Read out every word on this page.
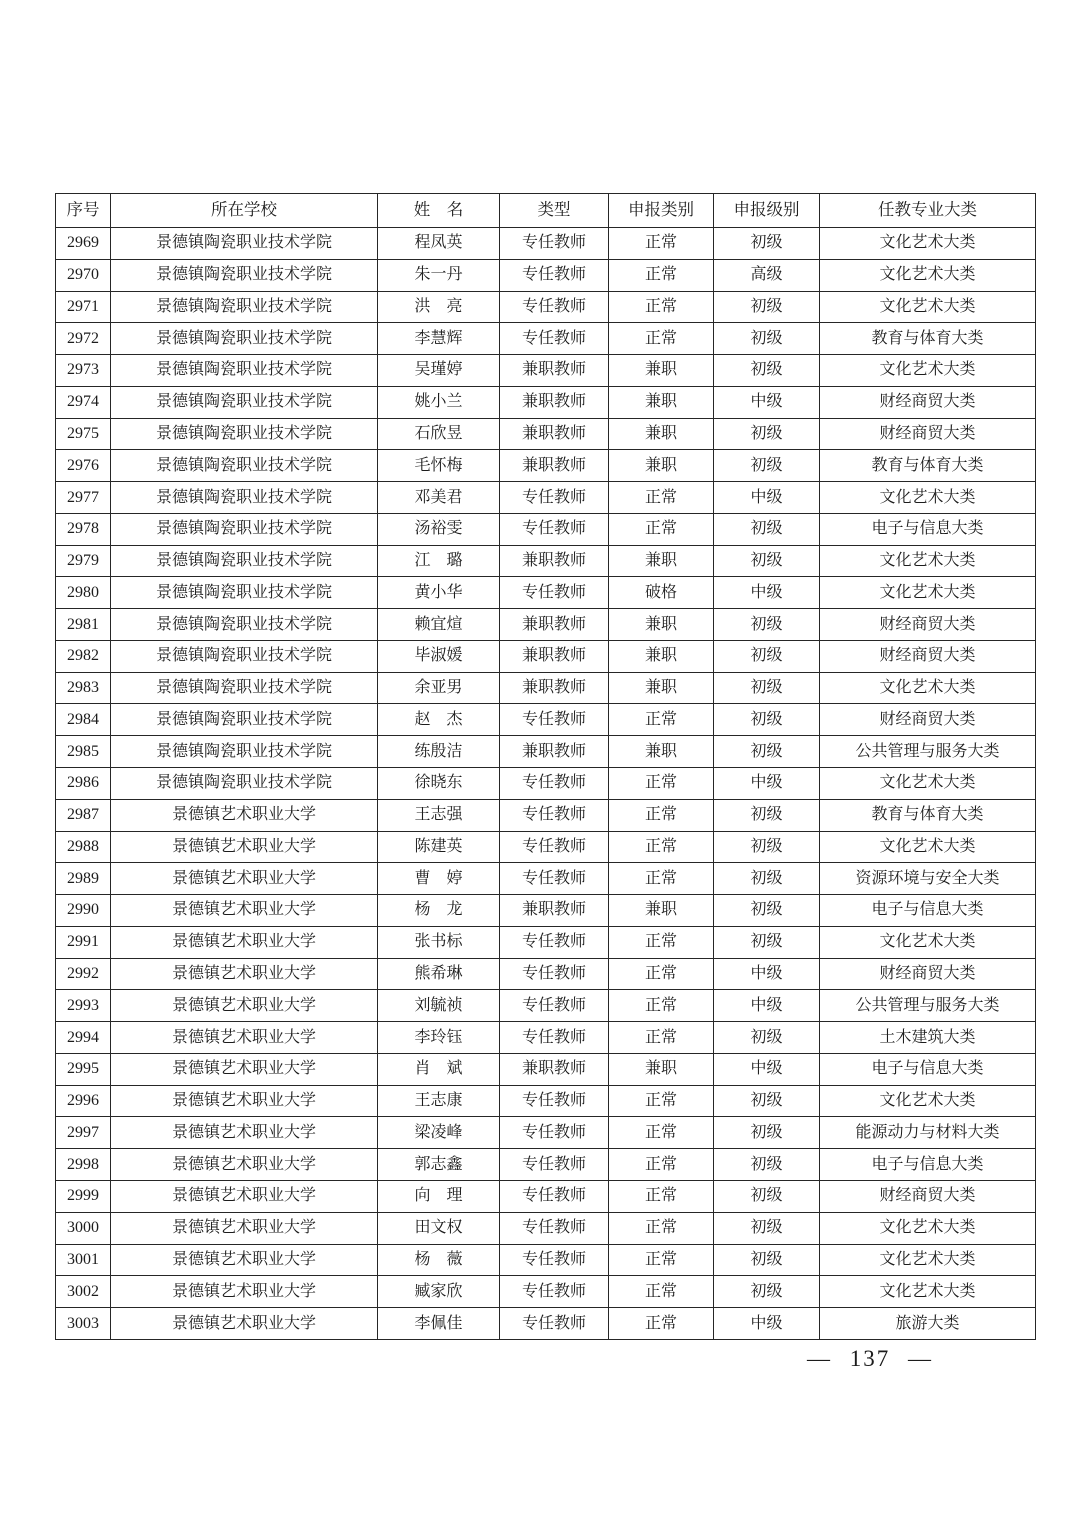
序号	所在学校	姓　名	类型	申报类别	申报级别	任教专业大类
2969	景德镇陶瓷职业技术学院	程凤英	专任教师	正常	初级	文化艺术大类
2970	景德镇陶瓷职业技术学院	朱一丹	专任教师	正常	高级	文化艺术大类
2971	景德镇陶瓷职业技术学院	洪　亮	专任教师	正常	初级	文化艺术大类
2972	景德镇陶瓷职业技术学院	李慧辉	专任教师	正常	初级	教育与体育大类
2973	景德镇陶瓷职业技术学院	吴瑾婷	兼职教师	兼职	初级	文化艺术大类
2974	景德镇陶瓷职业技术学院	姚小兰	兼职教师	兼职	中级	财经商贸大类
2975	景德镇陶瓷职业技术学院	石欣昱	兼职教师	兼职	初级	财经商贸大类
2976	景德镇陶瓷职业技术学院	毛怀梅	兼职教师	兼职	初级	教育与体育大类
2977	景德镇陶瓷职业技术学院	邓美君	专任教师	正常	中级	文化艺术大类
2978	景德镇陶瓷职业技术学院	汤裕雯	专任教师	正常	初级	电子与信息大类
2979	景德镇陶瓷职业技术学院	江　璐	兼职教师	兼职	初级	文化艺术大类
2980	景德镇陶瓷职业技术学院	黄小华	专任教师	破格	中级	文化艺术大类
2981	景德镇陶瓷职业技术学院	赖宜煊	兼职教师	兼职	初级	财经商贸大类
2982	景德镇陶瓷职业技术学院	毕淑媛	兼职教师	兼职	初级	财经商贸大类
2983	景德镇陶瓷职业技术学院	余亚男	兼职教师	兼职	初级	文化艺术大类
2984	景德镇陶瓷职业技术学院	赵　杰	专任教师	正常	初级	财经商贸大类
2985	景德镇陶瓷职业技术学院	练殷洁	兼职教师	兼职	初级	公共管理与服务大类
2986	景德镇陶瓷职业技术学院	徐晓东	专任教师	正常	中级	文化艺术大类
2987	景德镇艺术职业大学	王志强	专任教师	正常	初级	教育与体育大类
2988	景德镇艺术职业大学	陈建英	专任教师	正常	初级	文化艺术大类
2989	景德镇艺术职业大学	曹　婷	专任教师	正常	初级	资源环境与安全大类
2990	景德镇艺术职业大学	杨　龙	兼职教师	兼职	初级	电子与信息大类
2991	景德镇艺术职业大学	张书标	专任教师	正常	初级	文化艺术大类
2992	景德镇艺术职业大学	熊希琳	专任教师	正常	中级	财经商贸大类
2993	景德镇艺术职业大学	刘毓祯	专任教师	正常	中级	公共管理与服务大类
2994	景德镇艺术职业大学	李玲钰	专任教师	正常	初级	土木建筑大类
2995	景德镇艺术职业大学	肖　斌	兼职教师	兼职	中级	电子与信息大类
2996	景德镇艺术职业大学	王志康	专任教师	正常	初级	文化艺术大类
2997	景德镇艺术职业大学	梁凌峰	专任教师	正常	初级	能源动力与材料大类
2998	景德镇艺术职业大学	郭志鑫	专任教师	正常	初级	电子与信息大类
2999	景德镇艺术职业大学	向　理	专任教师	正常	初级	财经商贸大类
3000	景德镇艺术职业大学	田文权	专任教师	正常	初级	文化艺术大类
3001	景德镇艺术职业大学	杨　薇	专任教师	正常	初级	文化艺术大类
3002	景德镇艺术职业大学	臧家欣	专任教师	正常	初级	文化艺术大类
3003	景德镇艺术职业大学	李佩佳	专任教师	正常	中级	旅游大类
— 137 —
